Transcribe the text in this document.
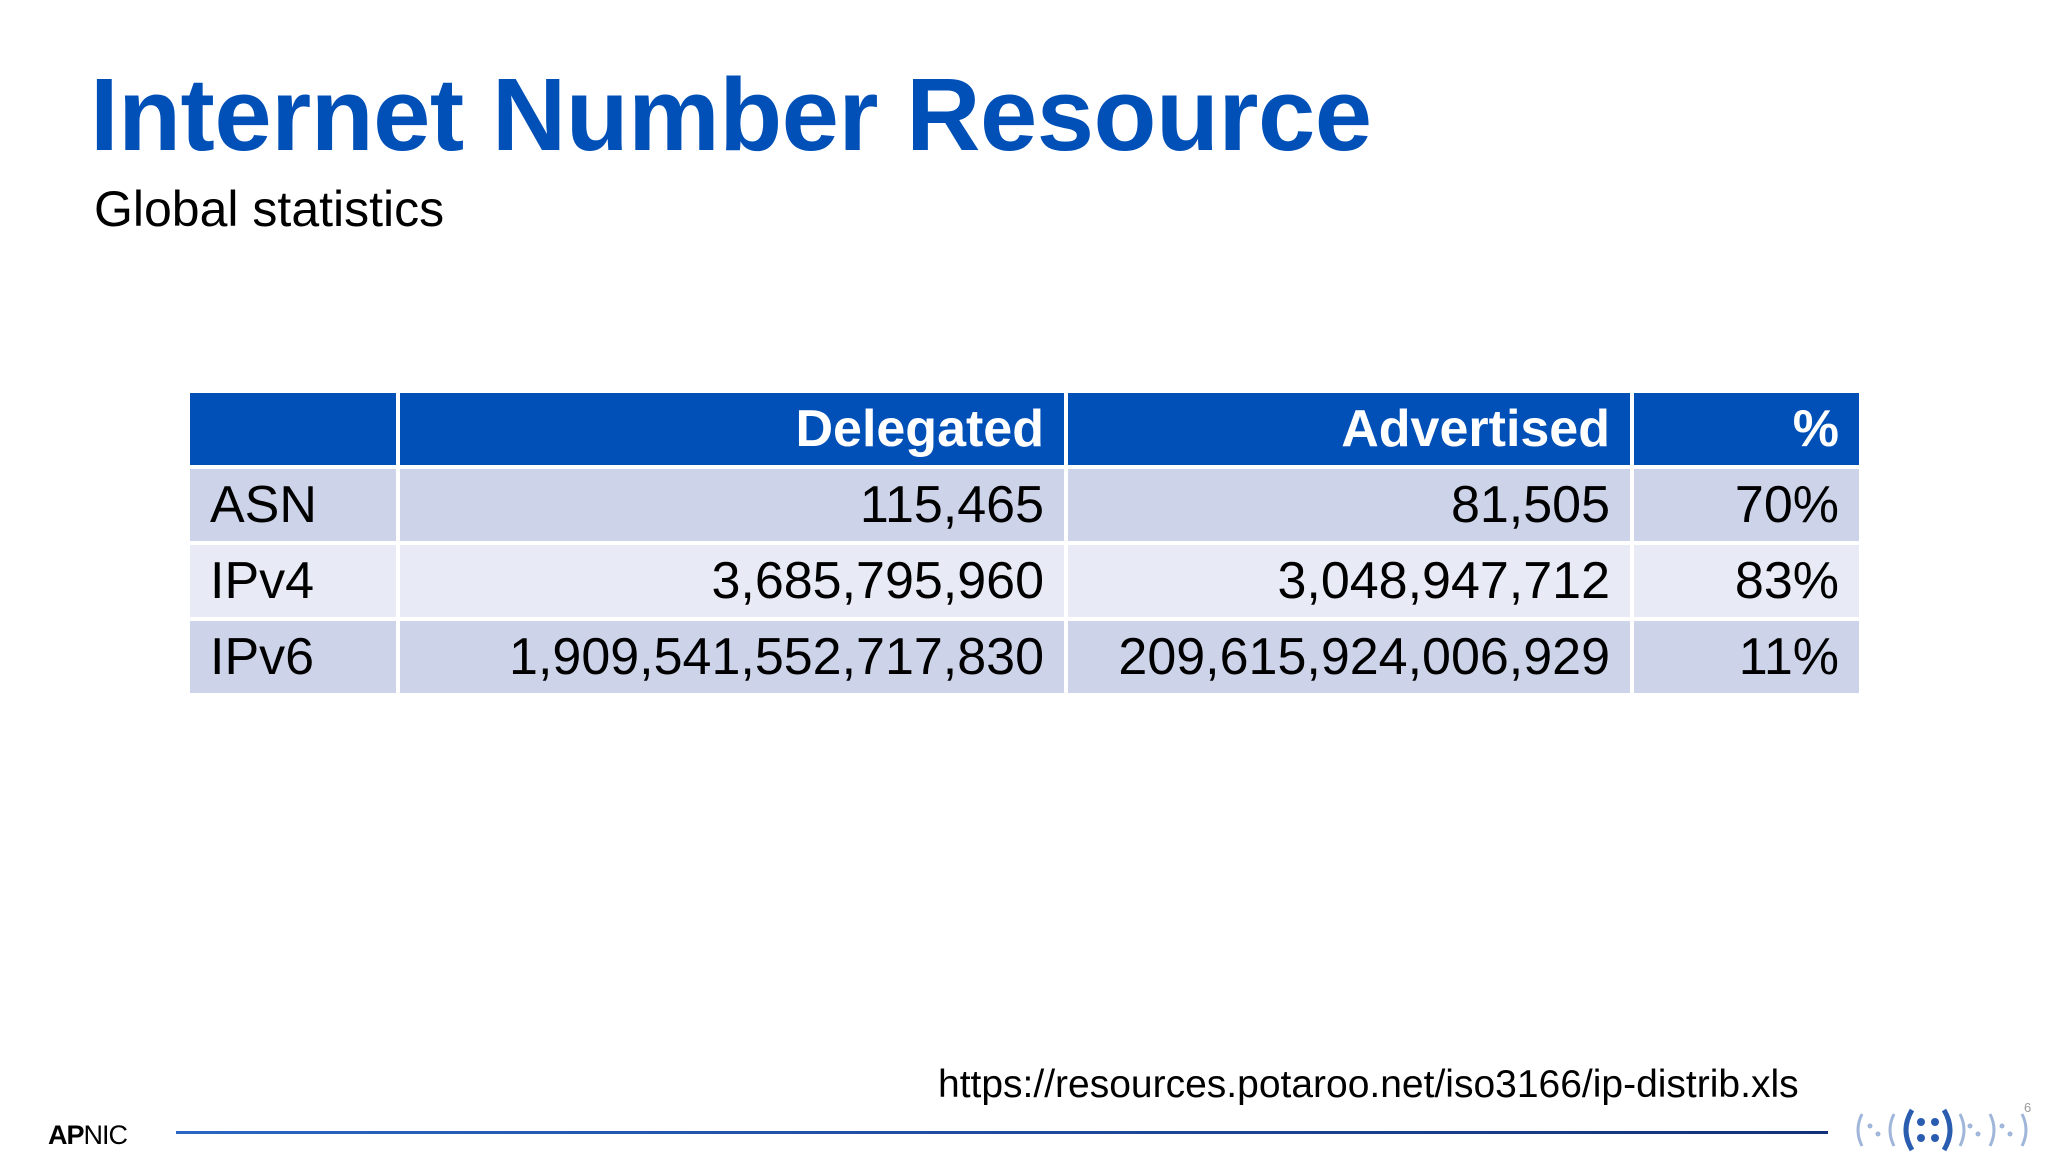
Internet Number Resource
Global statistics
	Delegated	Advertised	%
ASN	115,465	81,505	70%
IPv4	3,685,795,960	3,048,947,712	83%
IPv6	1,909,541,552,717,830	209,615,924,006,929	11%
https://resources.potaroo.net/iso3166/ip-distrib.xls
APNIC
6
